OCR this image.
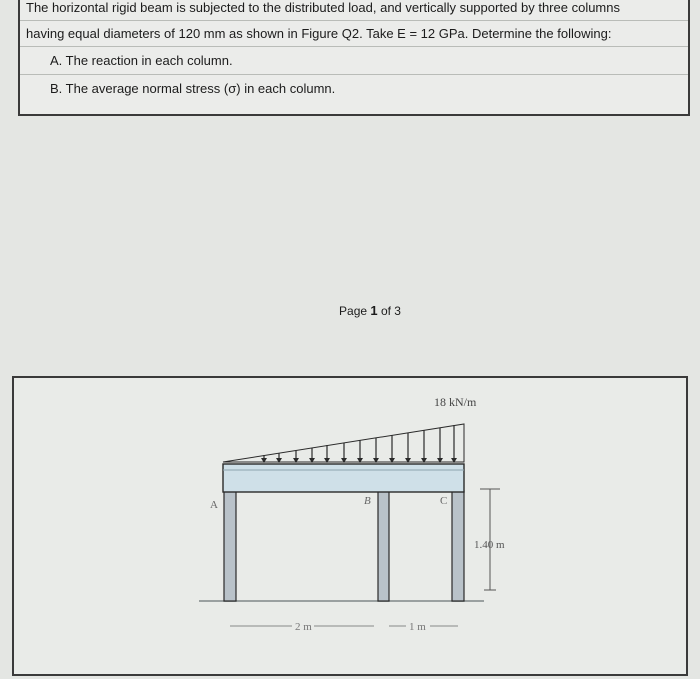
The horizontal rigid beam is subjected to the distributed load, and vertically supported by three columns
having equal diameters of 120 mm as shown in Figure Q2. Take E = 12 GPa. Determine the following:
A. The reaction in each column.
B. The average normal stress (σ) in each column.
Page 1 of 3
18 kN/m
A	B	C
1.40 m
2 m	1 m
